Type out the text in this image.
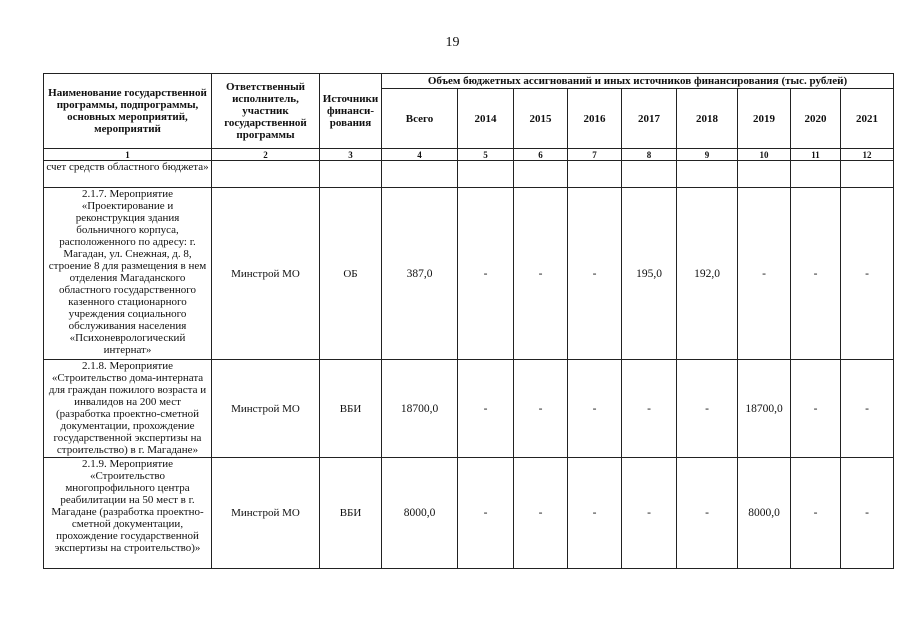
19
Наименование государственной программы, подпрограммы, основных мероприятий, мероприятий	Ответственный исполнитель, участник государственной программы	Источники финанси-рования	Объем бюджетных ассигнований и иных источников финансирования (тыс. рублей)								
			Всего	2014	2015	2016	2017	2018	2019	2020	2021
1	2	3	4	5	6	7	8	9	10	11	12
счет средств областного бюджета»											
2.1.7. Мероприятие «Проектирование и реконструкция здания больничного корпуса, расположенного по адресу: г. Магадан, ул. Снежная, д. 8, строение 8 для размещения в нем отделения Магаданского областного государственного казенного стационарного учреждения социального обслуживания населения «Психоневрологический интернат»	Минстрой МО	ОБ	387,0	-	-	-	195,0	192,0	-	-	-
2.1.8. Мероприятие «Строительство дома-интерната для граждан пожилого возраста и инвалидов на 200 мест (разработка проектно-сметной документации, прохождение государственной экспертизы на строительство) в г. Магадане»	Минстрой МО	ВБИ	18700,0	-	-	-	-	-	18700,0	-	-
2.1.9. Мероприятие «Строительство многопрофильного центра реабилитации на 50 мест в г. Магадане (разработка проектно-сметной документации, прохождение государственной экспертизы на строительство)»	Минстрой МО	ВБИ	8000,0	-	-	-	-	-	8000,0	-	-
